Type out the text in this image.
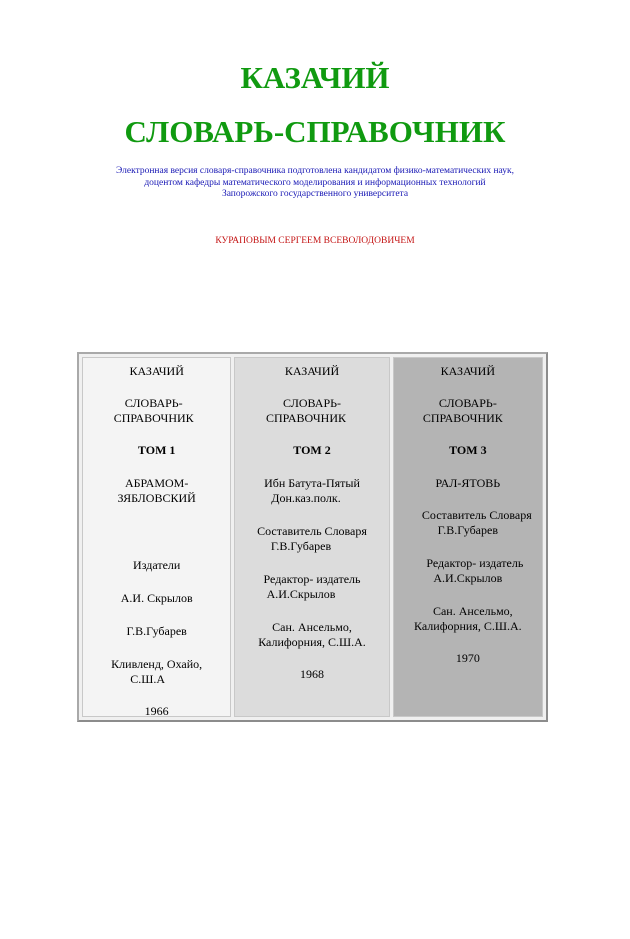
КАЗАЧИЙ
СЛОВАРЬ-СПРАВОЧНИК
Электронная версия словаря-справочника подготовлена кандидатом физико-математических наук,
доцентом кафедры математического моделирования и информационных технологий
Запорожского государственного университета
КУРАПОВЫМ СЕРГЕЕМ ВСЕВОЛОДОВИЧЕМ
КАЗАЧИЙ
СЛОВАРЬ-
СПРАВОЧНИК
ТОМ 1
АБРАМОМ-
ЗЯБЛОВСКИЙ
Издатели
А.И. Скрылов
Г.В.Губарев
Кливленд, Охайо,
С.Ш.А
1966
КАЗАЧИЙ
СЛОВАРЬ-
СПРАВОЧНИК
ТОМ 2
Ибн Батута-Пятый
Дон.каз.полк.
Составитель Словаря
Г.В.Губарев
Редактор- издатель
А.И.Скрылов
Сан. Ансельмо,
Калифорния, С.Ш.А.
1968
КАЗАЧИЙ
СЛОВАРЬ-
СПРАВОЧНИК
ТОМ 3
РАЛ-ЯТОВЬ
Составитель Словаря
Г.В.Губарев
Редактор- издатель
А.И.Скрылов
Сан. Ансельмо,
Калифорния, С.Ш.А.
1970
